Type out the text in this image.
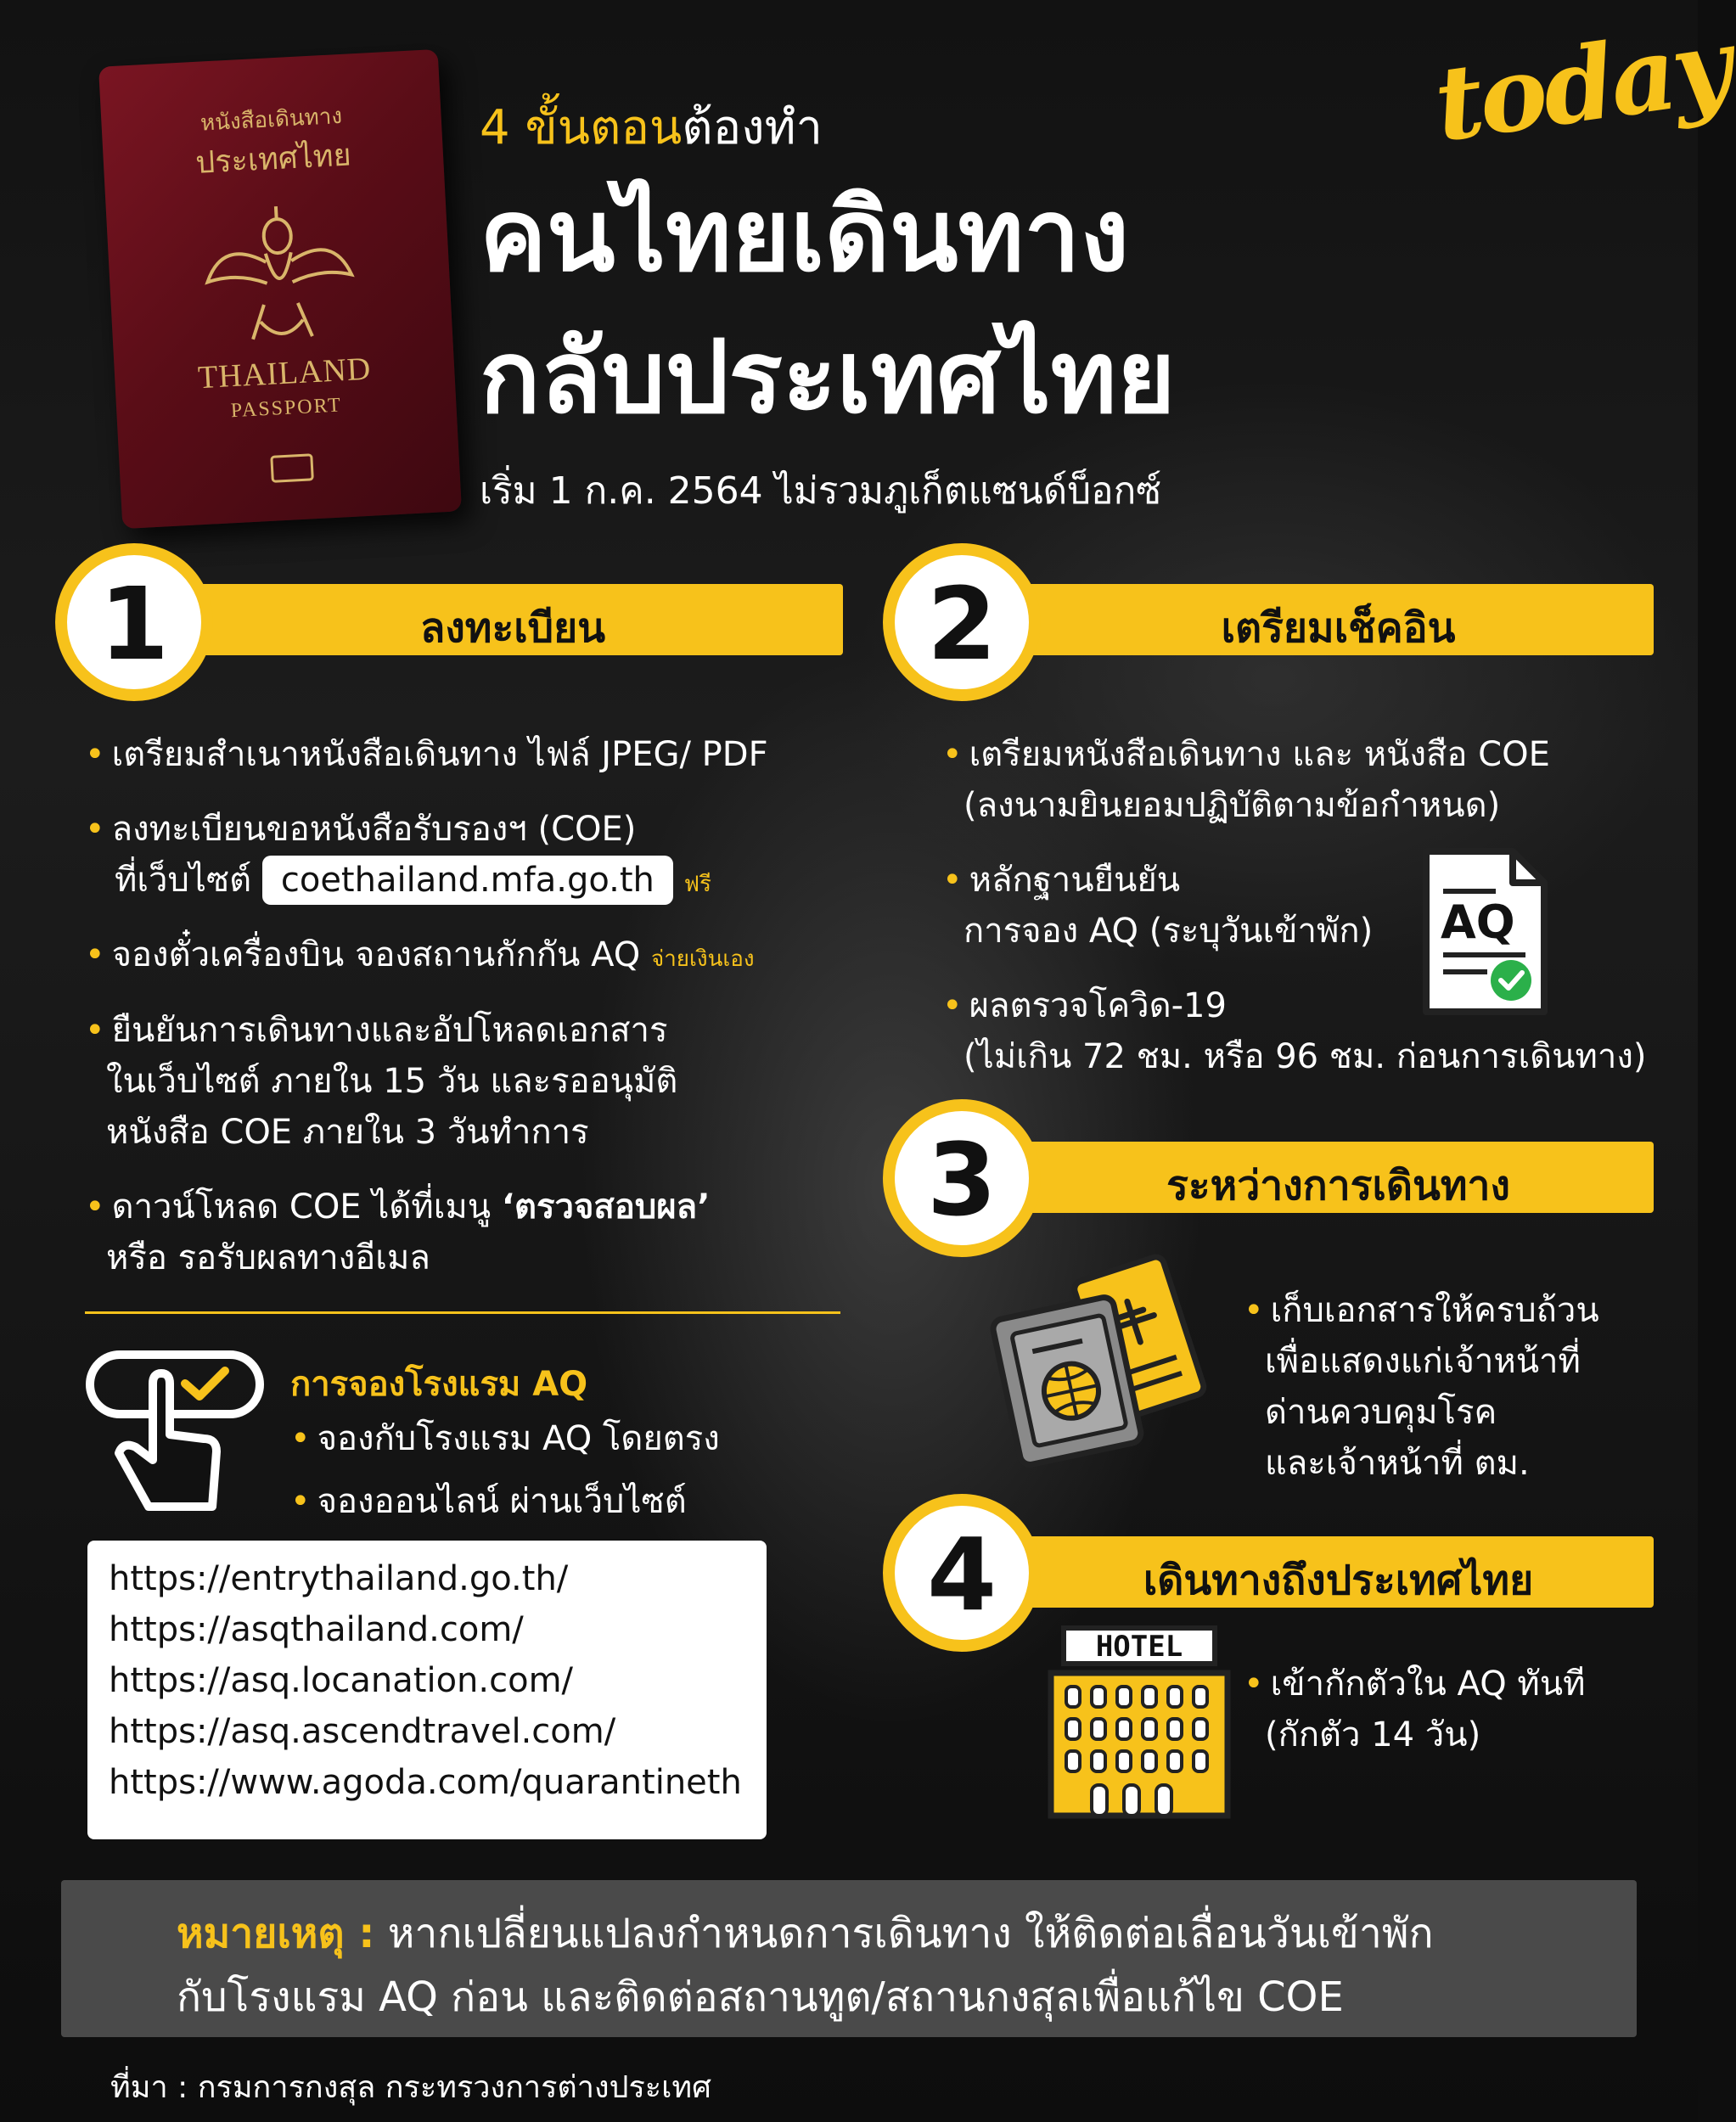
หนังสือเดินทาง
ประเทศไทย
THAILAND
PASSPORT
4 ขั้นตอนต้องทำ
คนไทยเดินทาง
กลับประเทศไทย
เริ่ม 1 ก.ค. 2564 ไม่รวมภูเก็ตแซนด์บ็อกซ์
today
ลงทะเบียน
1
• เตรียมสำเนาหนังสือเดินทาง ไฟล์ JPEG/ PDF
• ลงทะเบียนขอหนังสือรับรองฯ (COE)
ที่เว็บไซต์ coethailand.mfa.go.th ฟรี
• จองตั๋วเครื่องบิน จองสถานกักกัน AQ จ่ายเงินเอง
• ยืนยันการเดินทางและอัปโหลดเอกสาร
ในเว็บไซต์ ภายใน 15 วัน และรออนุมัติ
หนังสือ COE ภายใน 3 วันทำการ
• ดาวน์โหลด COE ได้ที่เมนู ‘ตรวจสอบผล’
หรือ รอรับผลทางอีเมล
การจองโรงแรม AQ
• จองกับโรงแรม AQ โดยตรง
• จองออนไลน์ ผ่านเว็บไซต์
https://entrythailand.go.th/
https://asqthailand.com/
https://asq.locanation.com/
https://asq.ascendtravel.com/
https://www.agoda.com/quarantineth
เตรียมเช็คอิน
2
• เตรียมหนังสือเดินทาง และ หนังสือ COE
(ลงนามยินยอมปฏิบัติตามข้อกำหนด)
• หลักฐานยืนยัน
การจอง AQ (ระบุวันเข้าพัก)
• ผลตรวจโควิด-19
(ไม่เกิน 72 ชม. หรือ 96 ชม. ก่อนการเดินทาง)
AQ
ระหว่างการเดินทาง
3
• เก็บเอกสารให้ครบถ้วน
เพื่อแสดงแก่เจ้าหน้าที่
ด่านควบคุมโรค
และเจ้าหน้าที่ ตม.
เดินทางถึงประเทศไทย
4
HOTEL
• เข้ากักตัวใน AQ ทันที
(กักตัว 14 วัน)
หมายเหตุ : หากเปลี่ยนแปลงกำหนดการเดินทาง ให้ติดต่อเลื่อนวันเข้าพัก
กับโรงแรม AQ ก่อน และติดต่อสถานทูต/สถานกงสุลเพื่อแก้ไข COE
ที่มา : กรมการกงสุล กระทรวงการต่างประเทศ
